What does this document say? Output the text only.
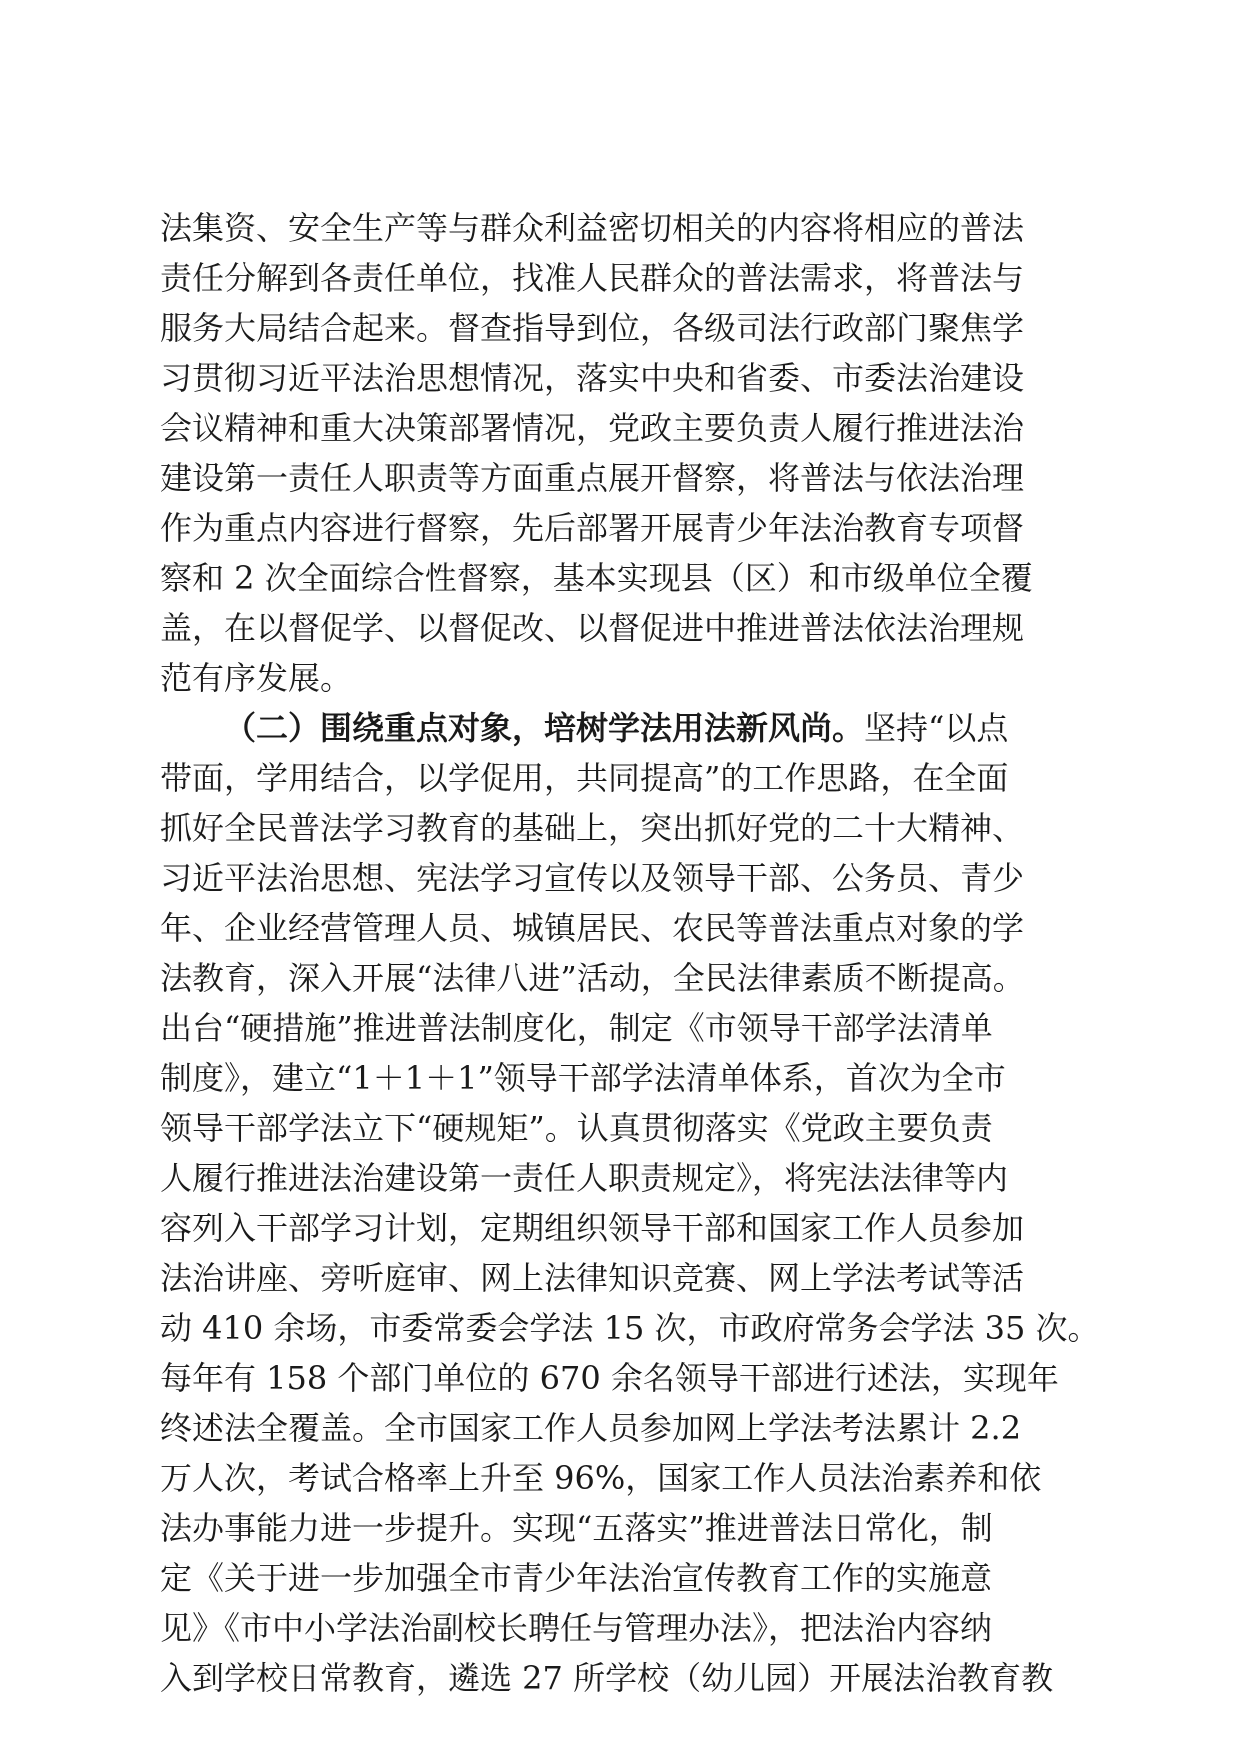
法集资、安全生产等与群众利益密切相关的内容将相应的普法
责任分解到各责任单位，找准人民群众的普法需求，将普法与
服务大局结合起来。督查指导到位，各级司法行政部门聚焦学
习贯彻习近平法治思想情况，落实中央和省委、市委法治建设
会议精神和重大决策部署情况，党政主要负责人履行推进法治
建设第一责任人职责等方面重点展开督察，将普法与依法治理
作为重点内容进行督察，先后部署开展青少年法治教育专项督
察和 2 次全面综合性督察，基本实现县（区）和市级单位全覆
盖，在以督促学、以督促改、以督促进中推进普法依法治理规
范有序发展。
（二）围绕重点对象，培树学法用法新风尚。坚持“以点
带面，学用结合，以学促用，共同提高”的工作思路，在全面
抓好全民普法学习教育的基础上，突出抓好党的二十大精神、
习近平法治思想、宪法学习宣传以及领导干部、公务员、青少
年、企业经营管理人员、城镇居民、农民等普法重点对象的学
法教育，深入开展“法律八进”活动，全民法律素质不断提高。
出台“硬措施”推进普法制度化，制定《市领导干部学法清单
制度》，建立“1＋1＋1”领导干部学法清单体系，首次为全市
领导干部学法立下“硬规矩”。认真贯彻落实《党政主要负责
人履行推进法治建设第一责任人职责规定》，将宪法法律等内
容列入干部学习计划，定期组织领导干部和国家工作人员参加
法治讲座、旁听庭审、网上法律知识竞赛、网上学法考试等活
动 410 余场，市委常委会学法 15 次，市政府常务会学法 35 次。
每年有 158 个部门单位的 670 余名领导干部进行述法，实现年
终述法全覆盖。全市国家工作人员参加网上学法考法累计 2.2
万人次，考试合格率上升至 96%，国家工作人员法治素养和依
法办事能力进一步提升。实现“五落实”推进普法日常化，制
定《关于进一步加强全市青少年法治宣传教育工作的实施意
见》《市中小学法治副校长聘任与管理办法》，把法治内容纳
入到学校日常教育，遴选 27 所学校（幼儿园）开展法治教育教
